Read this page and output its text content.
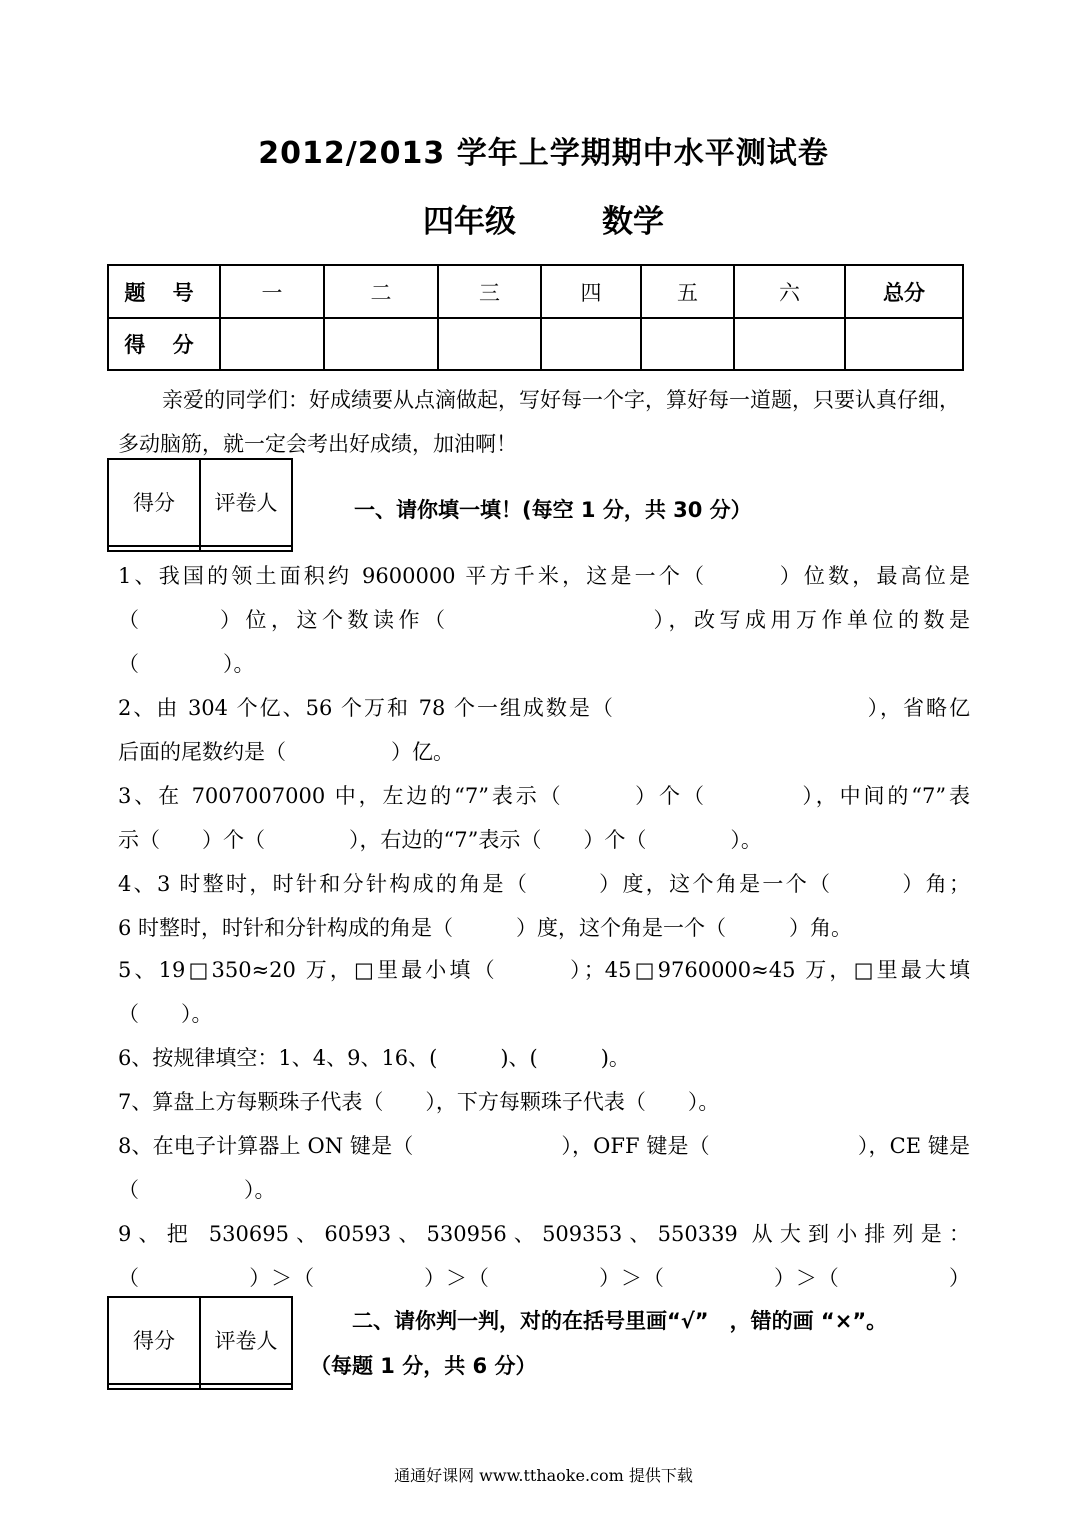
2012/2013 学年上学期期中水平测试卷
四年级	数学
题 号	一	二	三	四	五	六	总分
得 分							
亲爱的同学们：好成绩要从点滴做起，写好每一个字，算好每一道题，只要认真仔细，
多动脑筋，就一定会考出好成绩，加油啊！
得分	评卷人
		一、请你填一填！(每空 1 分，共 30 分）
1、我国的领土面积约 9600000 平方千米，这是一个（　　　）位数，最高位是
（　　　）位，这个数读作（　　　　　　　　），改写成用万作单位的数是
（　　　　）。
2、由 304 个亿、56 个万和 78 个一组成数是（　　　　　　　　　　　），省略亿
后面的尾数约是（　　　　　）亿。
3、在 7007007000 中，左边的“7”表示（　　　）个（　　　　），中间的“7”表
示（　　）个（　　　　），右边的“7”表示（　　）个（　　　　）。
4、3 时整时，时针和分针构成的角是（　　　）度，这个角是一个（　　　）角；
6 时整时，时针和分针构成的角是（　　　）度，这个角是一个（　　　）角。
5、19□350≈20 万，□里最小填（　　　）；45□9760000≈45 万，□里最大填
（　　）。
6、按规律填空：1、4、9、16、(　　　)、(　　　)。
7、算盘上方每颗珠子代表（　　），下方每颗珠子代表（　　）。
8、在电子计算器上 ON 键是（　　　　　　　），OFF 键是（　　　　　　　），CE 键是
（　　　　　）。
9、把 530695、60593、530956、509353、550339 从大到小排列是：
（　　　　　）＞（　　　　　）＞（　　　　　）＞（　　　　　）＞（　　　　　）
得分	评卷人

二、请你判一判，对的在括号里画“√”　，错的画 “×”。
（每题 1 分，共 6 分）
通通好课网 www.tthaoke.com 提供下载
